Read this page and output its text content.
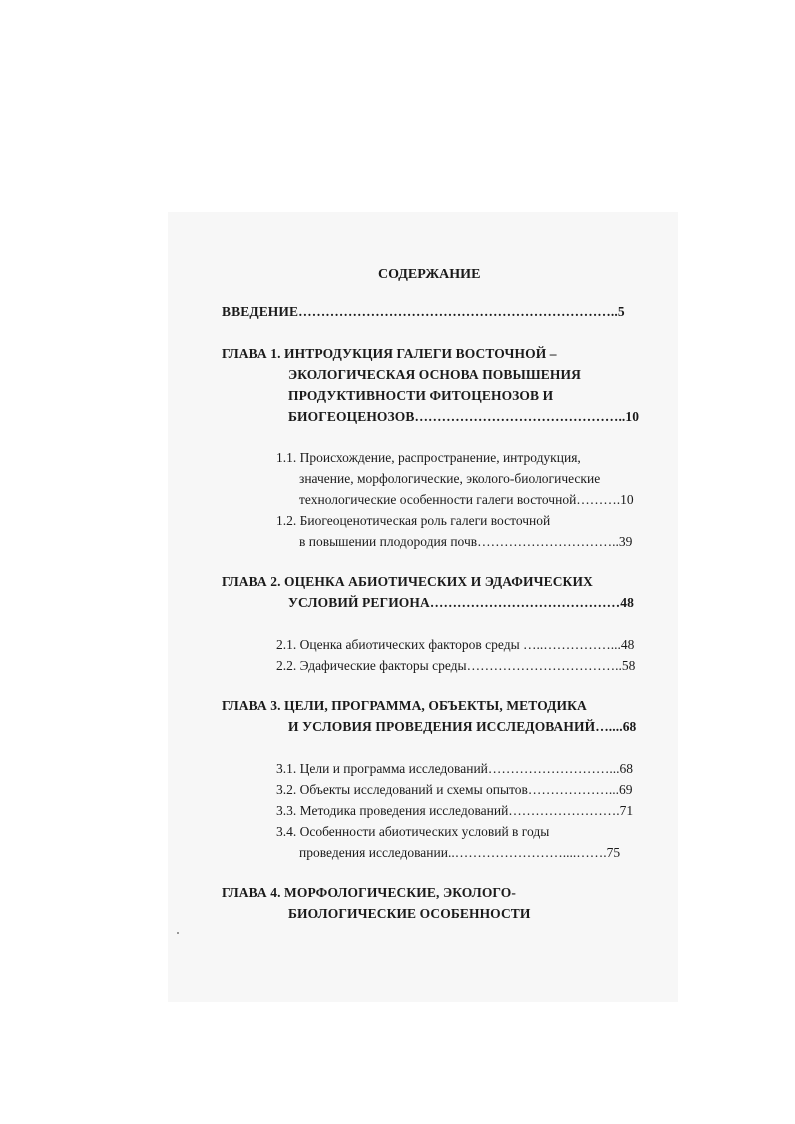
СОДЕРЖАНИЕ
ВВЕДЕНИЕ……………………………………………………………..5
ГЛАВА 1. ИНТРОДУКЦИЯ ГАЛЕГИ ВОСТОЧНОЙ –
ЭКОЛОГИЧЕСКАЯ ОСНОВА ПОВЫШЕНИЯ
ПРОДУКТИВНОСТИ ФИТОЦЕНОЗОВ И
БИОГЕОЦЕНОЗОВ………………………………………..10
1.1. Происхождение, распространение, интродукция,
значение, морфологические, эколого-биологические
технологические особенности галеги восточной……….10
1.2. Биогеоценотическая роль галеги восточной
в повышении плодородия почв…………………………..39
ГЛАВА 2. ОЦЕНКА АБИОТИЧЕСКИХ И ЭДАФИЧЕСКИХ
УСЛОВИЙ РЕГИОНА……………………………………48
2.1. Оценка абиотических факторов среды …..……………...48
2.2. Эдафические факторы среды……………………………..58
ГЛАВА 3. ЦЕЛИ, ПРОГРАММА, ОБЪЕКТЫ, МЕТОДИКА
И УСЛОВИЯ ПРОВЕДЕНИЯ ИССЛЕДОВАНИЙ…....68
3.1. Цели и программа исследований………………………...68
3.2. Объекты исследований и схемы опытов………………...69
3.3. Методика проведения исследований…………………….71
3.4. Особенности абиотических условий в годы
проведения исследовании..……………………....…….75
ГЛАВА 4. МОРФОЛОГИЧЕСКИЕ, ЭКОЛОГО-
БИОЛОГИЧЕСКИЕ ОСОБЕННОСТИ
